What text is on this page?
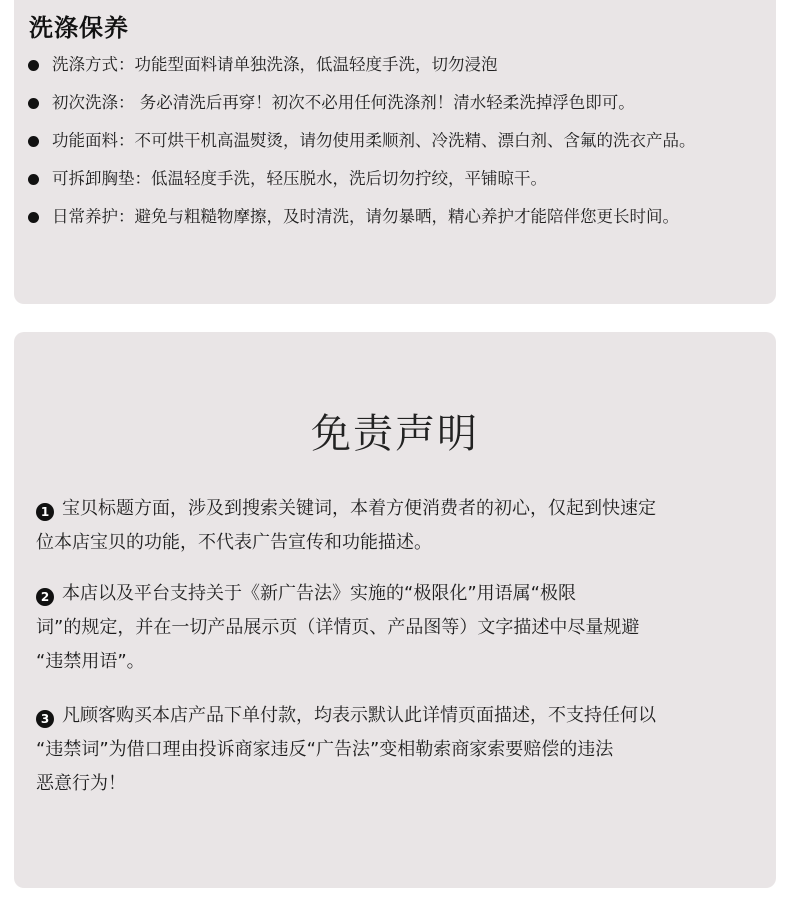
洗涤保养
洗涤方式：功能型面料请单独洗涤，低温轻度手洗，切勿浸泡
初次洗涤： 务必清洗后再穿！初次不必用任何洗涤剂！清水轻柔洗掉浮色即可。
功能面料：不可烘干机高温熨烫，请勿使用柔顺剂、冷洗精、漂白剂、含氟的洗衣产品。
可拆卸胸垫：低温轻度手洗，轻压脱水，洗后切勿拧绞，平铺晾干。
日常养护：避免与粗糙物摩擦，及时清洗，请勿暴晒，精心养护才能陪伴您更长时间。
免责声明
1 宝贝标题方面，涉及到搜索关键词，本着方便消费者的初心，仅起到快速定
位本店宝贝的功能，不代表广告宣传和功能描述。
2 本店以及平台支持关于《新广告法》实施的“极限化”用语属“极限
词”的规定，并在一切产品展示页（详情页、产品图等）文字描述中尽量规避
“违禁用语”。
3 凡顾客购买本店产品下单付款，均表示默认此详情页面描述，不支持任何以
“违禁词”为借口理由投诉商家违反“广告法”变相勒索商家索要赔偿的违法
恶意行为！
